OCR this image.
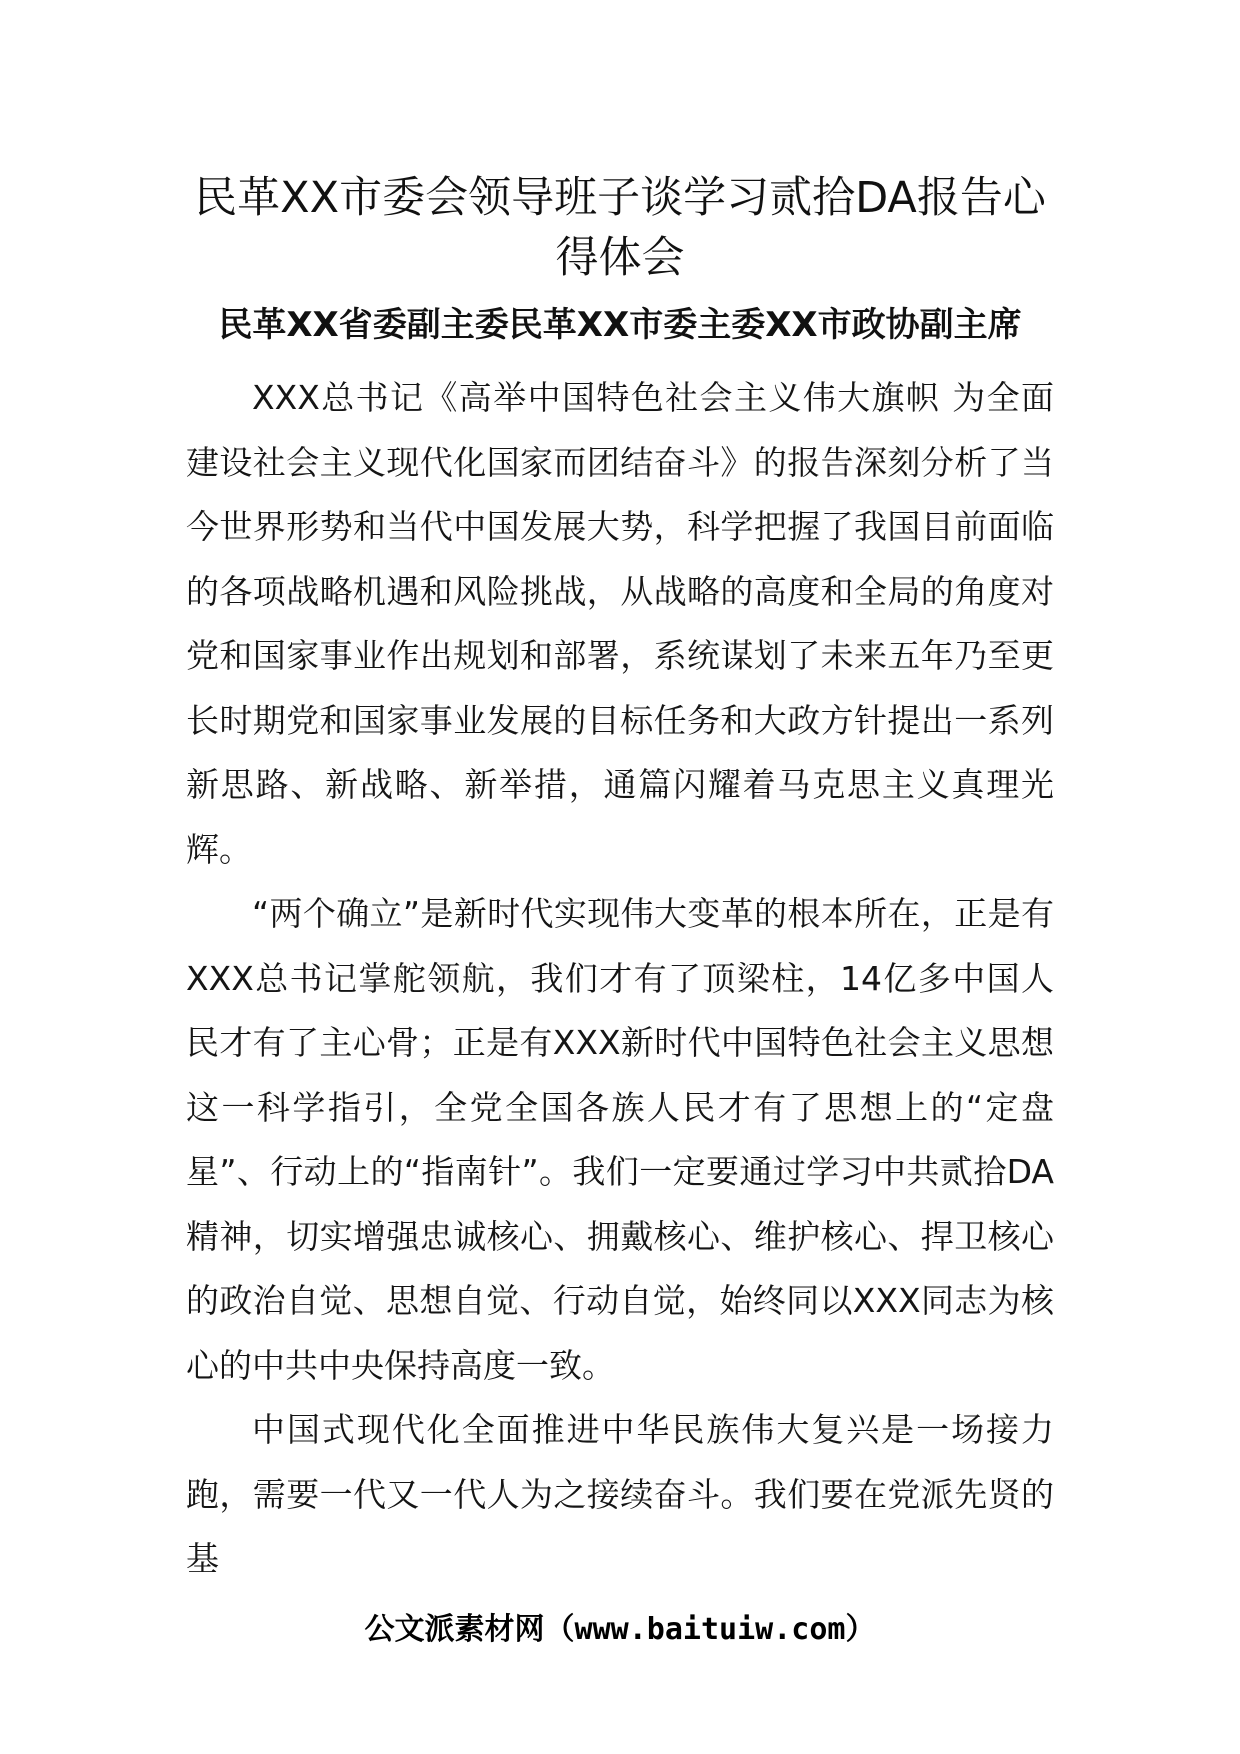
民革XX市委会领导班子谈学习贰拾DA报告心得体会
民革XX省委副主委民革XX市委主委XX市政协副主席

XXX总书记《高举中国特色社会主义伟大旗帜 为全面建设社会主义现代化国家而团结奋斗》的报告深刻分析了当今世界形势和当代中国发展大势，科学把握了我国目前面临的各项战略机遇和风险挑战，从战略的高度和全局的角度对党和国家事业作出规划和部署，系统谋划了未来五年乃至更长时期党和国家事业发展的目标任务和大政方针提出一系列新思路、新战略、新举措，通篇闪耀着马克思主义真理光辉。

“两个确立”是新时代实现伟大变革的根本所在，正是有XXX总书记掌舵领航，我们才有了顶梁柱，14亿多中国人民才有了主心骨；正是有XXX新时代中国特色社会主义思想这一科学指引，全党全国各族人民才有了思想上的“定盘星”、行动上的“指南针”。我们一定要通过学习中共贰拾DA精神，切实增强忠诚核心、拥戴核心、维护核心、捍卫核心的政治自觉、思想自觉、行动自觉，始终同以XXX同志为核心的中共中央保持高度一致。

中国式现代化全面推进中华民族伟大复兴是一场接力跑，需要一代又一代人为之接续奋斗。我们要在党派先贤的基

公文派素材网（www.baituiw.com）
